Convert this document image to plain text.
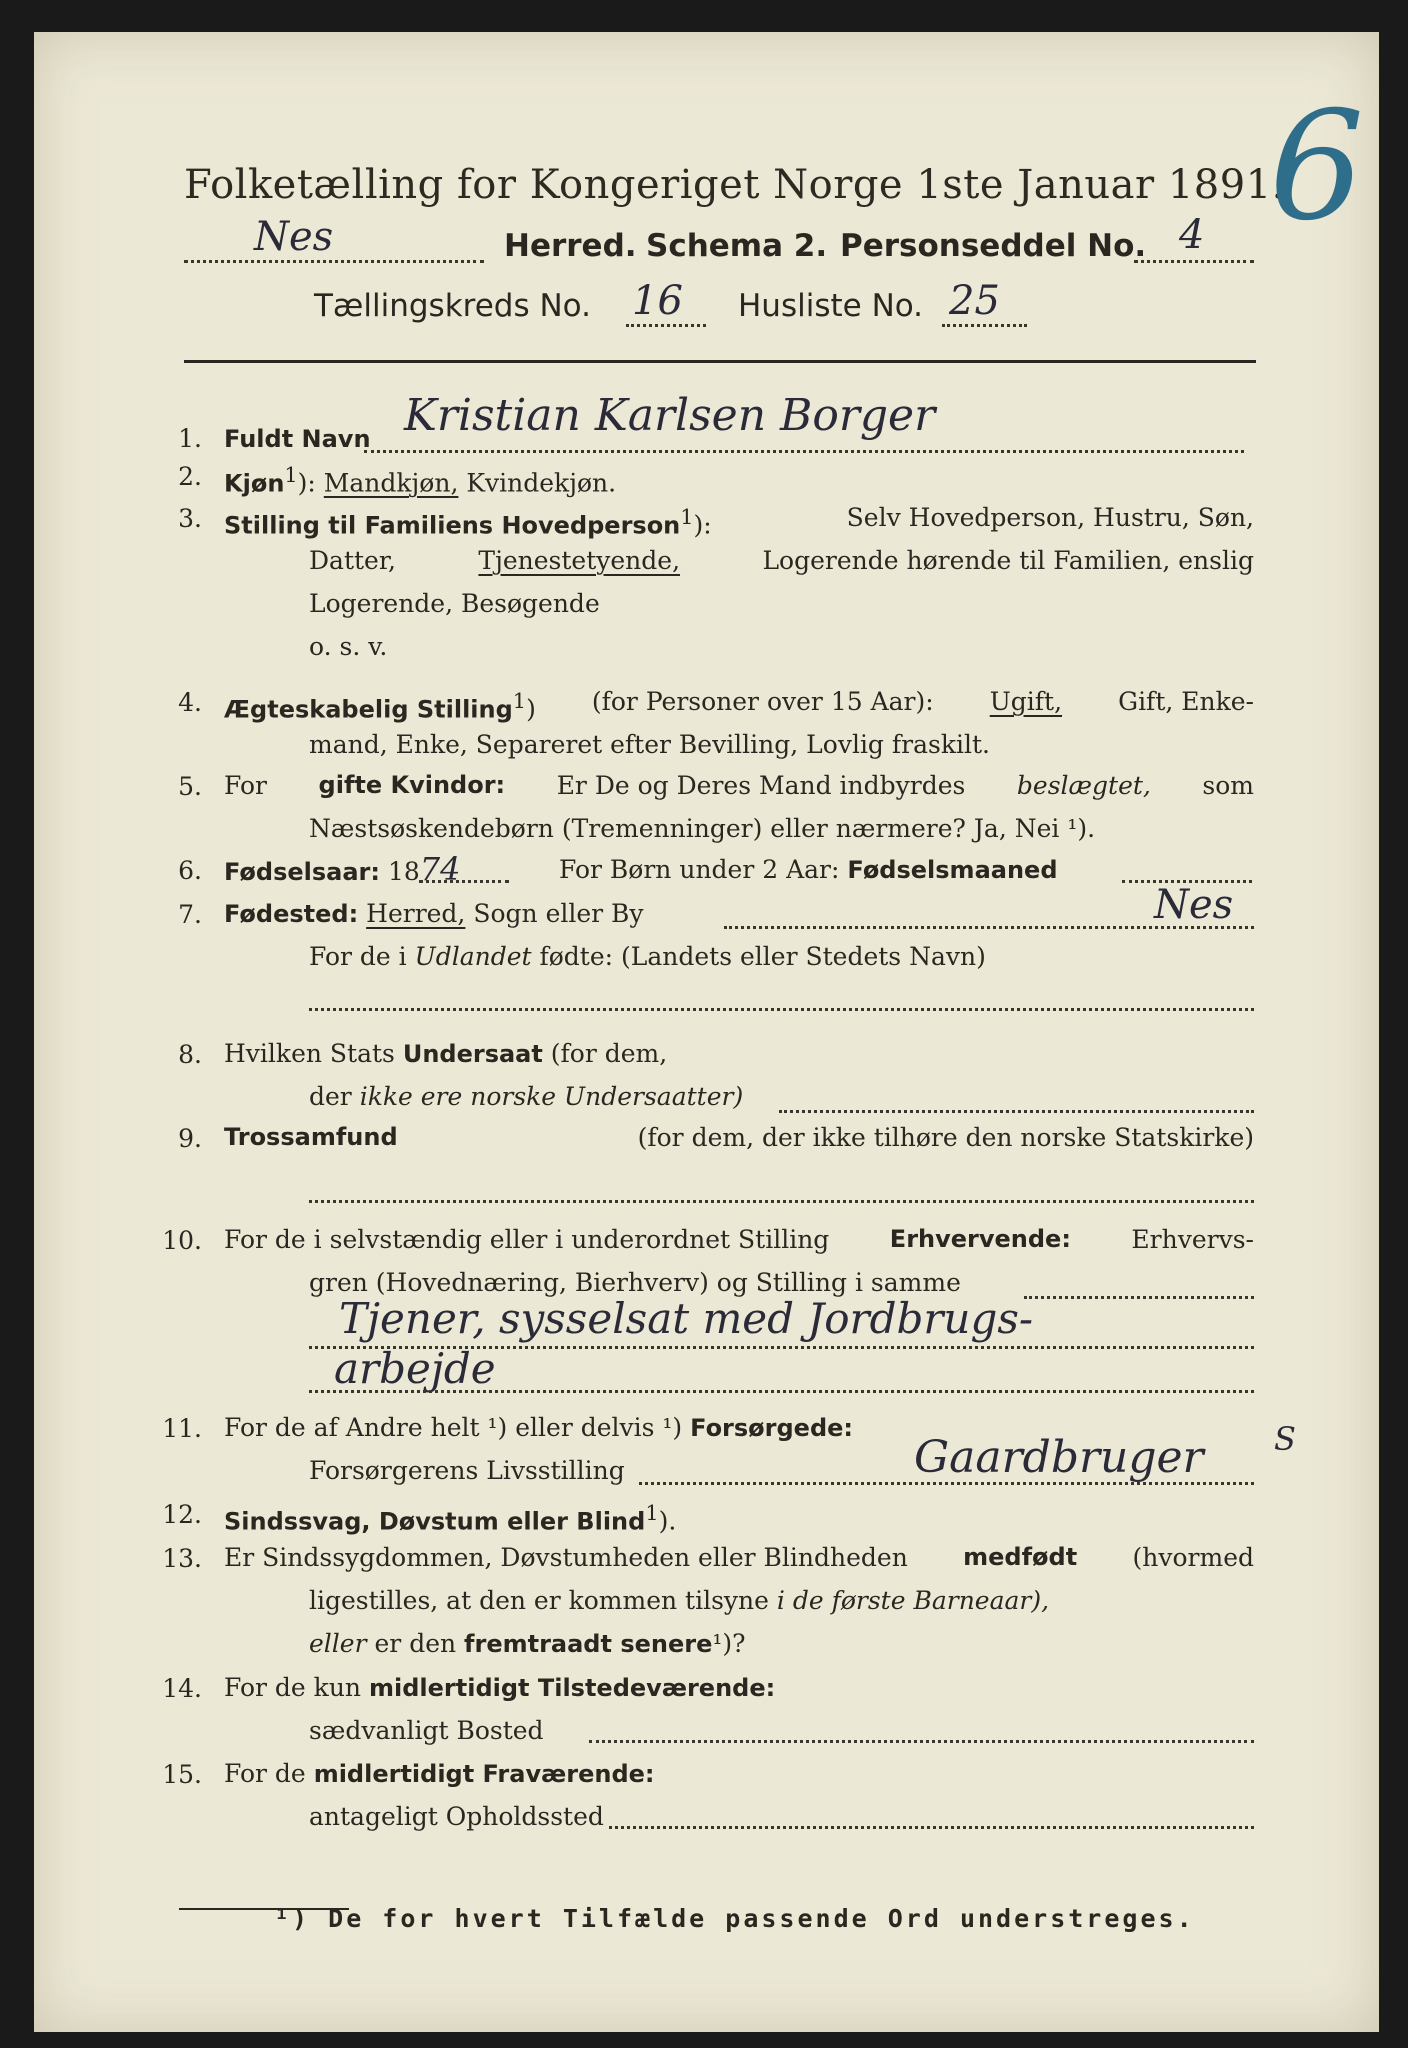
Folketælling for Kongeriget Norge 1ste Januar 1891.
6
Nes	Herred. Schema 2. Personseddel No. 4
Tællingskreds No. 16 Husliste No. 25
1. Fuldt Navn Kristian Karlsen Borger
2. Kjøn$^1$): Mandkjøn, Kvindekjøn.
3. Stilling til Familiens Hovedperson$^1$):	Selv Hovedperson, Hustru, Søn,
Datter,	Tjenestetyende,	Logerende hørende til Familien, enslig
Logerende, Besøgende
o. s. v.
4. Ægteskabelig Stilling$^1$) (for Personer over 15 Aar): Ugift, Gift, Enke-
mand, Enke, Separeret efter Bevilling, Lovlig fraskilt.
5. For gifte Kvindor: Er De og Deres Mand indbyrdes beslægtet, som
Næstsøskendebørn (Tremenninger) eller nærmere? Ja, Nei ¹).
6. Fødselsaar: 1874	For Børn under 2 Aar: Fødselsmaaned
7. Fødested: Herred, Sogn eller By	Nes
For de i Udlandet fødte: (Landets eller Stedets Navn)
8. Hvilken Stats Undersaat (for dem,
der ikke ere norske Undersaatter)
9. Trossamfund	(for dem, der ikke tilhøre den norske Statskirke)
10. For de i selvstændig eller i underordnet Stilling	Erhvervende: Erhvervs-
gren (Hovednæring, Bierhverv) og Stilling i samme
Tjener, sysselsat med Jordbrugs-
arbejde
11. For de af Andre helt ¹) eller delvis ¹) Forsørgede:
Forsørgerens Livsstilling	Gaardbruger S
12. Sindssvag, Døvstum eller Blind$^1$).
13. Er Sindssygdommen, Døvstumheden eller Blindheden medfødt (hvormed
ligestilles, at den er kommen tilsyne i de første Barneaar),
eller er den fremtraadt senere¹)?
14. For de kun midlertidigt Tilstedeværende:
sædvanligt Bosted
15. For de midlertidigt Fraværende:
antageligt Opholdssted
¹) De for hvert Tilfælde passende Ord understreges.
